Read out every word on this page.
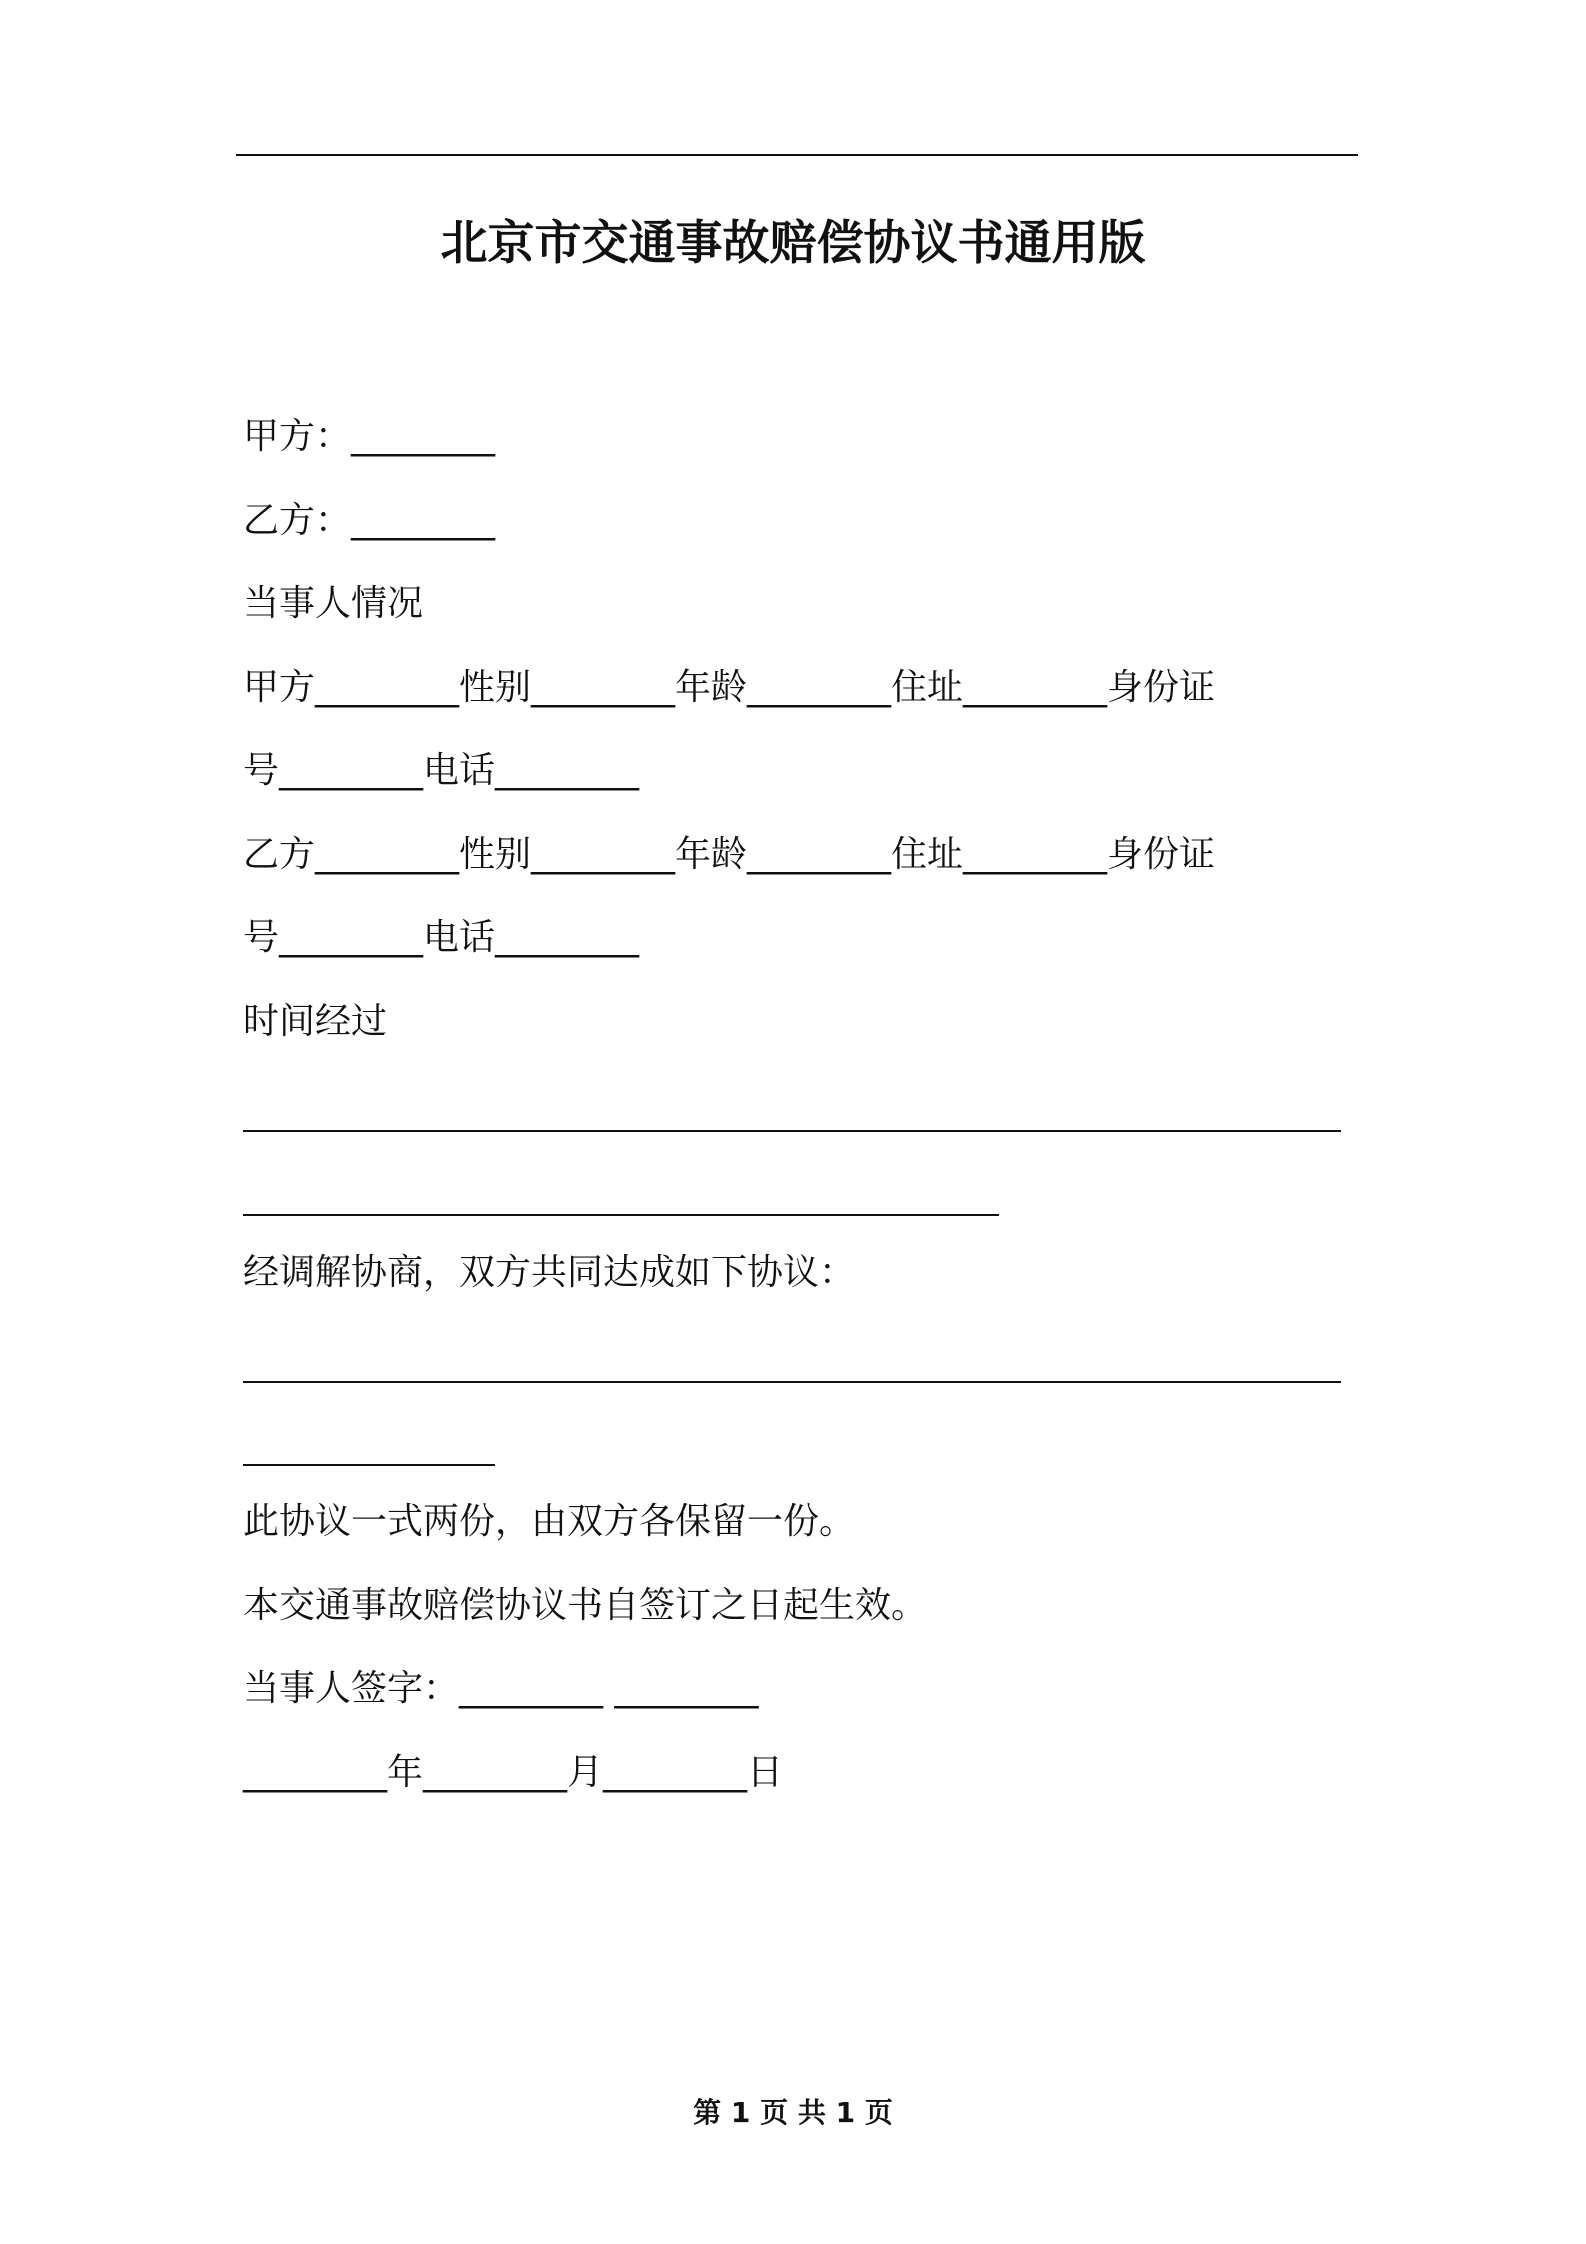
北京市交通事故赔偿协议书通用版
甲方：________
乙方：________
当事人情况
甲方________性别________年龄________住址________身份证
号________电话________
乙方________性别________年龄________住址________身份证
号________电话________
时间经过
经调解协商，双方共同达成如下协议：
此协议一式两份，由双方各保留一份。
本交通事故赔偿协议书自签订之日起生效。
当事人签字：________ ________
________年________月________日
第 1 页 共 1 页
